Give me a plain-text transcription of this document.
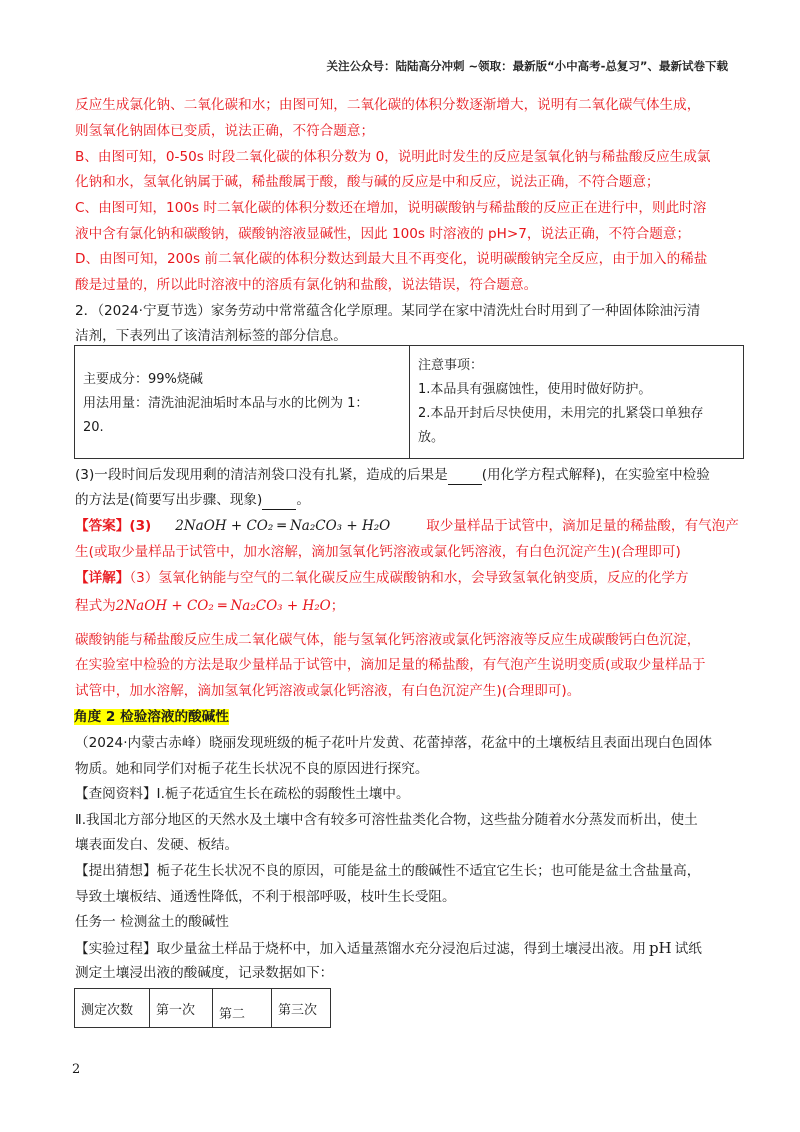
关注公众号：陆陆高分冲刺 ~领取：最新版“小中高考-总复习”、最新试卷下载
反应生成氯化钠、二氧化碳和水；由图可知，二氧化碳的体积分数逐渐增大，说明有二氧化碳气体生成，
则氢氧化钠固体已变质，说法正确，不符合题意；
B、由图可知，0-50s 时段二氧化碳的体积分数为 0，说明此时发生的反应是氢氧化钠与稀盐酸反应生成氯
化钠和水，氢氧化钠属于碱，稀盐酸属于酸，酸与碱的反应是中和反应，说法正确，不符合题意；
C、由图可知，100s 时二氧化碳的体积分数还在增加，说明碳酸钠与稀盐酸的反应正在进行中，则此时溶
液中含有氯化钠和碳酸钠，碳酸钠溶液显碱性，因此 100s 时溶液的 pH>7，说法正确，不符合题意；
D、由图可知，200s 前二氧化碳的体积分数达到最大且不再变化，说明碳酸钠完全反应，由于加入的稀盐
酸是过量的，所以此时溶液中的溶质有氯化钠和盐酸，说法错误，符合题意。
2．（2024·宁夏节选）家务劳动中常常蕴含化学原理。某同学在家中清洗灶台时用到了一种固体除油污清
洁剂，下表列出了该清洁剂标签的部分信息。
主要成分：99%烧碱
用法用量：清洗油泥油垢时本品与水的比例为 1：
20.

注意事项：
1.本品具有强腐蚀性，使用时做好防护。
2.本品开封后尽快使用，未用完的扎紧袋口单独存
放。
(3)一段时间后发现用剩的清洁剂袋口没有扎紧，造成的后果是	(用化学方程式解释)，在实验室中检验
的方法是(简要写出步骤、现象)	。
【答案】(3) 2NaOH + CO₂ ═ Na₂CO₃ + H₂O	取少量样品于试管中，滴加足量的稀盐酸，有气泡产
生(或取少量样品于试管中，加水溶解，滴加氢氧化钙溶液或氯化钙溶液，有白色沉淀产生)(合理即可)
【详解】（3）氢氧化钠能与空气的二氧化碳反应生成碳酸钠和水，会导致氢氧化钠变质，反应的化学方
程式为2NaOH + CO₂ ═ Na₂CO₃ + H₂O；
碳酸钠能与稀盐酸反应生成二氧化碳气体，能与氢氧化钙溶液或氯化钙溶液等反应生成碳酸钙白色沉淀，
在实验室中检验的方法是取少量样品于试管中，滴加足量的稀盐酸，有气泡产生说明变质(或取少量样品于
试管中，加水溶解，滴加氢氧化钙溶液或氯化钙溶液，有白色沉淀产生)(合理即可)。
角度 2 检验溶液的酸碱性
（2024·内蒙古赤峰）晓丽发现班级的栀子花叶片发黄、花蕾掉落，花盆中的土壤板结且表面出现白色固体
物质。她和同学们对栀子花生长状况不良的原因进行探究。
【查阅资料】Ⅰ.栀子花适宜生长在疏松的弱酸性土壤中。
Ⅱ.我国北方部分地区的天然水及土壤中含有较多可溶性盐类化合物，这些盐分随着水分蒸发而析出，使土
壤表面发白、发硬、板结。
【提出猜想】栀子花生长状况不良的原因，可能是盆土的酸碱性不适宜它生长；也可能是盆土含盐量高，
导致土壤板结、通透性降低，不利于根部呼吸，枝叶生长受阻。
任务一 检测盆土的酸碱性
【实验过程】取少量盆土样品于烧杯中，加入适量蒸馏水充分浸泡后过滤，得到土壤浸出液。用 pH 试纸
测定土壤浸出液的酸碱度，记录数据如下：
测定次数	第一次	第二	第三次
2
